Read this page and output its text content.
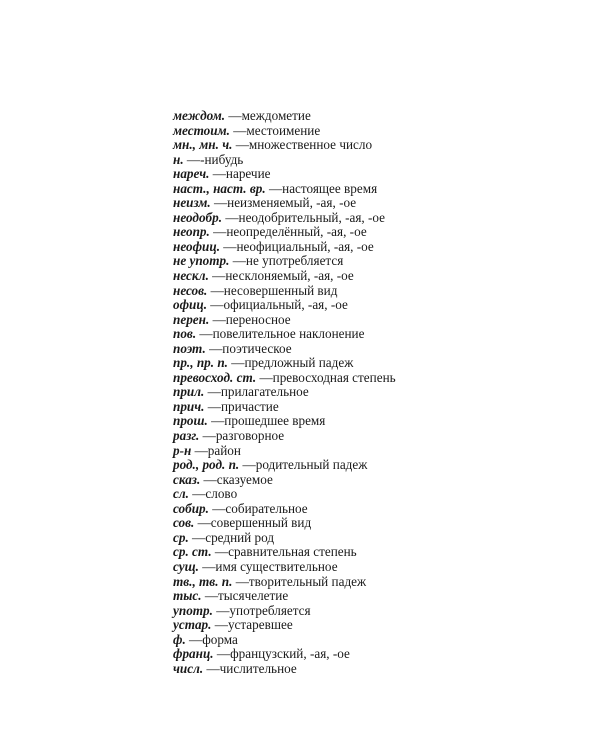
междом. — междометие
местоим. — местоимение
мн., мн. ч. — множественное число
н. — -нибудь
нареч. — наречие
наст., наст. вр. — настоящее время
неизм. — неизменяемый, -ая, -ое
неодобр. — неодобрительный, -ая, -ое
неопр. — неопределённый, -ая, -ое
неофиц. — неофициальный, -ая, -ое
не употр. — не употребляется
нескл. — несклоняемый, -ая, -ое
несов. — несовершенный вид
офиц. — официальный, -ая, -ое
перен. — переносное
пов. — повелительное наклонение
поэт. — поэтическое
пр., пр. п. — предложный падеж
превосход. ст. — превосходная степень
прил. — прилагательное
прич. — причастие
прош. — прошедшее время
разг. — разговорное
р-н — район
род., род. п. — родительный падеж
сказ. — сказуемое
сл. — слово
собир. — собирательное
сов. — совершенный вид
ср. — средний род
ср. ст. — сравнительная степень
сущ. — имя существительное
тв., тв. п. — творительный падеж
тыс. — тысячелетие
употр. — употребляется
устар. — устаревшее
ф. — форма
франц. — французский, -ая, -ое
числ. — числительное
